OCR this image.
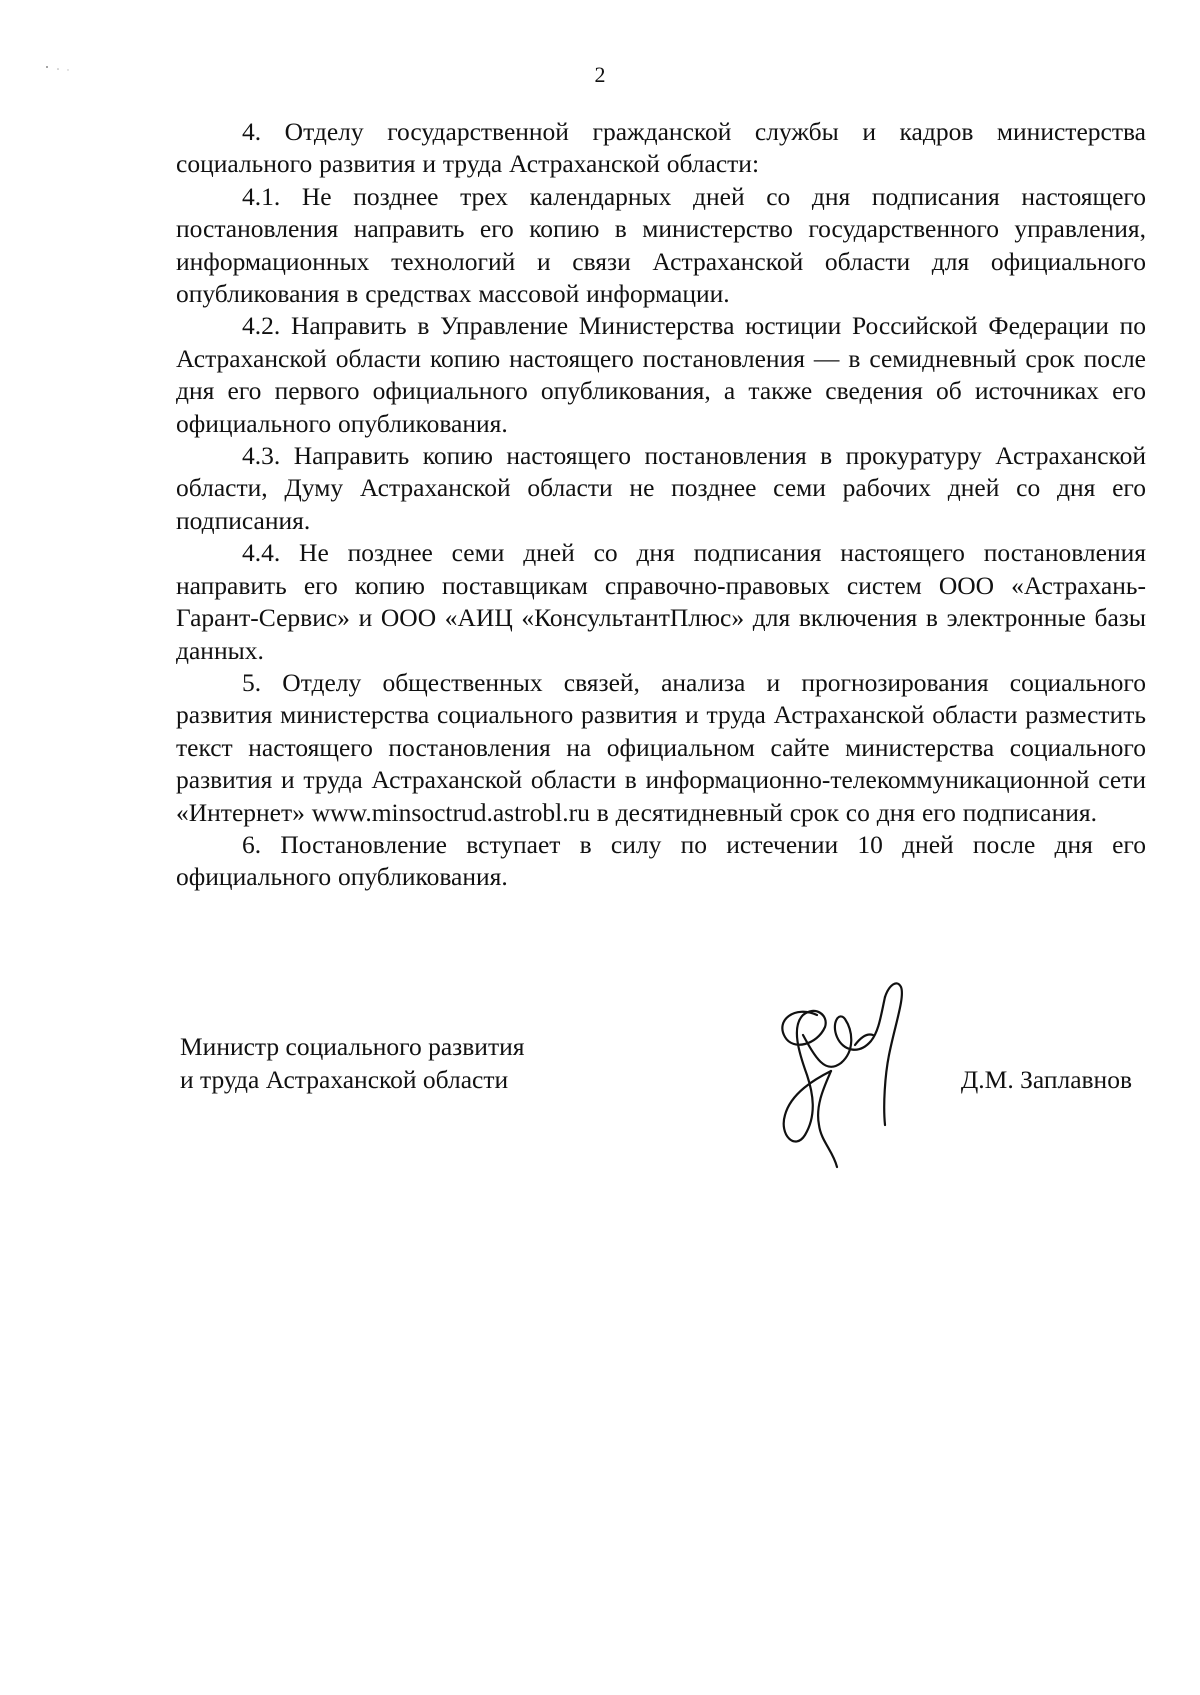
2

4. Отделу государственной гражданской службы и кадров министерства социального развития и труда Астраханской области:

4.1. Не позднее трех календарных дней со дня подписания настоящего постановления направить его копию в министерство государственного управления, информационных технологий и связи Астраханской области для официального опубликования в средствах массовой информации.

4.2. Направить в Управление Министерства юстиции Российской Федерации по Астраханской области копию настоящего постановления — в семидневный срок после дня его первого официального опубликования, а также сведения об источниках его официального опубликования.

4.3. Направить копию настоящего постановления в прокуратуру Астраханской области, Думу Астраханской области не позднее семи рабочих дней со дня его подписания.

4.4. Не позднее семи дней со дня подписания настоящего постановления направить его копию поставщикам справочно-правовых систем ООО «Астрахань-Гарант-Сервис» и ООО «АИЦ «КонсультантПлюс» для включения в электронные базы данных.

5. Отделу общественных связей, анализа и прогнозирования социального развития министерства социального развития и труда Астраханской области разместить текст настоящего постановления на официальном сайте министерства социального развития и труда Астраханской области в информационно-телекоммуникационной сети «Интернет» www.minsoctrud.astrobl.ru в десятидневный срок со дня его подписания.

6. Постановление вступает в силу по истечении 10 дней после дня его официального опубликования.

Министр социального развития
и труда Астраханской области	Д.М. Заплавнов
